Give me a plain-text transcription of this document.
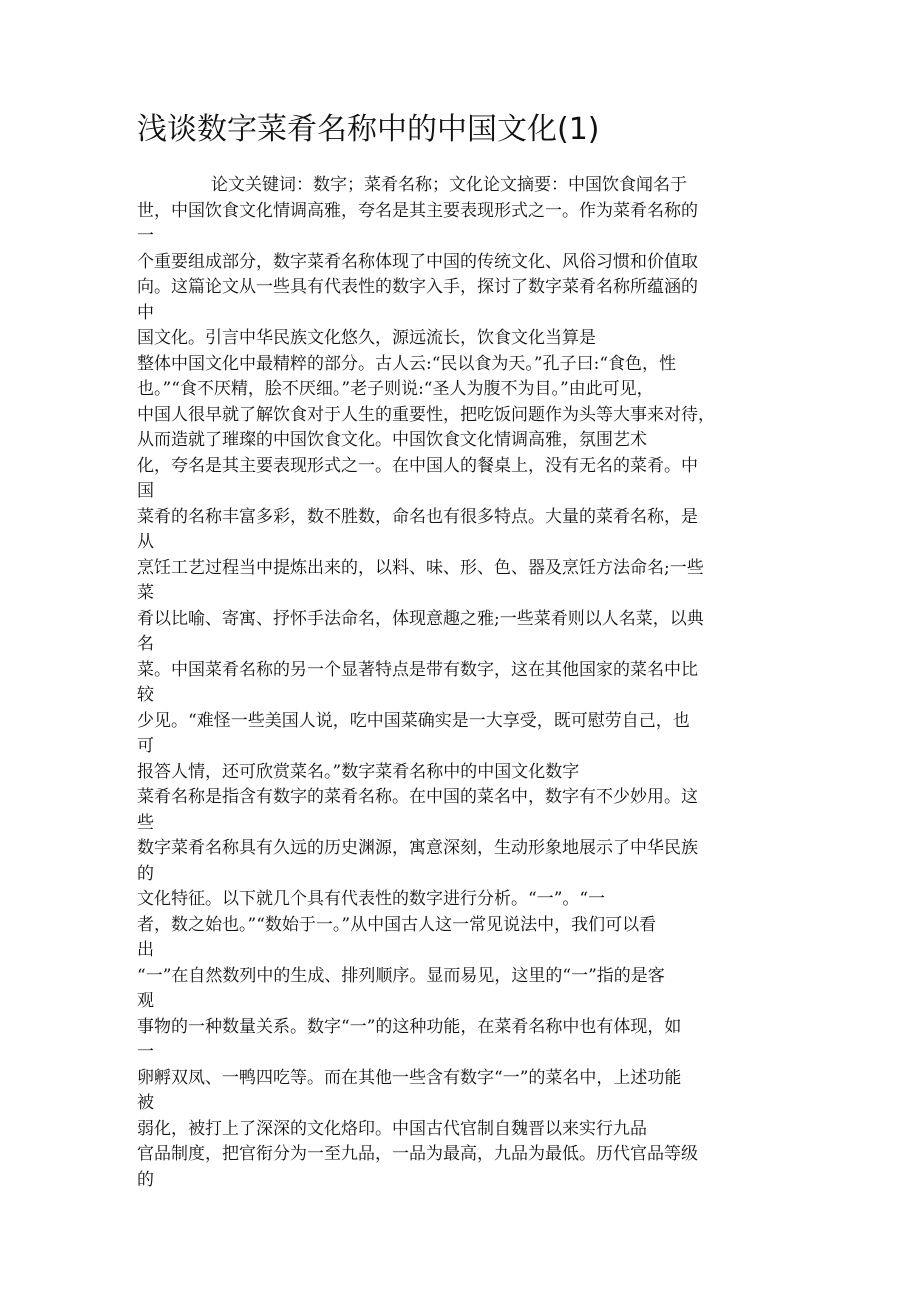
浅谈数字菜肴名称中的中国文化(1)
论文关键词：数字；菜肴名称；文化论文摘要：中国饮食闻名于
世，中国饮食文化情调高雅，夸名是其主要表现形式之一。作为菜肴名称的
一
个重要组成部分，数字菜肴名称体现了中国的传统文化、风俗习惯和价值取
向。这篇论文从一些具有代表性的数字入手，探讨了数字菜肴名称所蕴涵的
中
国文化。引言中华民族文化悠久，源远流长，饮食文化当算是
整体中国文化中最精粹的部分。古人云:“民以食为天。”孔子曰:“食色，性
也。”“食不厌精，脍不厌细。”老子则说:“圣人为腹不为目。”由此可见，
中国人很早就了解饮食对于人生的重要性，把吃饭问题作为头等大事来对待，
从而造就了璀璨的中国饮食文化。中国饮食文化情调高雅，氛围艺术
化，夸名是其主要表现形式之一。在中国人的餐桌上，没有无名的菜肴。中
国
菜肴的名称丰富多彩，数不胜数，命名也有很多特点。大量的菜肴名称，是
从
烹饪工艺过程当中提炼出来的，以料、味、形、色、器及烹饪方法命名;一些
菜
肴以比喻、寄寓、抒怀手法命名，体现意趣之雅;一些菜肴则以人名菜，以典
名
菜。中国菜肴名称的另一个显著特点是带有数字，这在其他国家的菜名中比
较
少见。“难怪一些美国人说，吃中国菜确实是一大享受，既可慰劳自己，也
可
报答人情，还可欣赏菜名。”数字菜肴名称中的中国文化数字
菜肴名称是指含有数字的菜肴名称。在中国的菜名中，数字有不少妙用。这
些
数字菜肴名称具有久远的历史渊源，寓意深刻，生动形象地展示了中华民族
的
文化特征。以下就几个具有代表性的数字进行分析。“一”。“一
者，数之始也。”“数始于一。”从中国古人这一常见说法中，我们可以看
出
“一”在自然数列中的生成、排列顺序。显而易见，这里的“一”指的是客
观
事物的一种数量关系。数字“一”的这种功能，在菜肴名称中也有体现，如
一
卵孵双凤、一鸭四吃等。而在其他一些含有数字“一”的菜名中，上述功能
被
弱化，被打上了深深的文化烙印。中国古代官制自魏晋以来实行九品
官品制度，把官衔分为一至九品，一品为最高，九品为最低。历代官品等级
的
